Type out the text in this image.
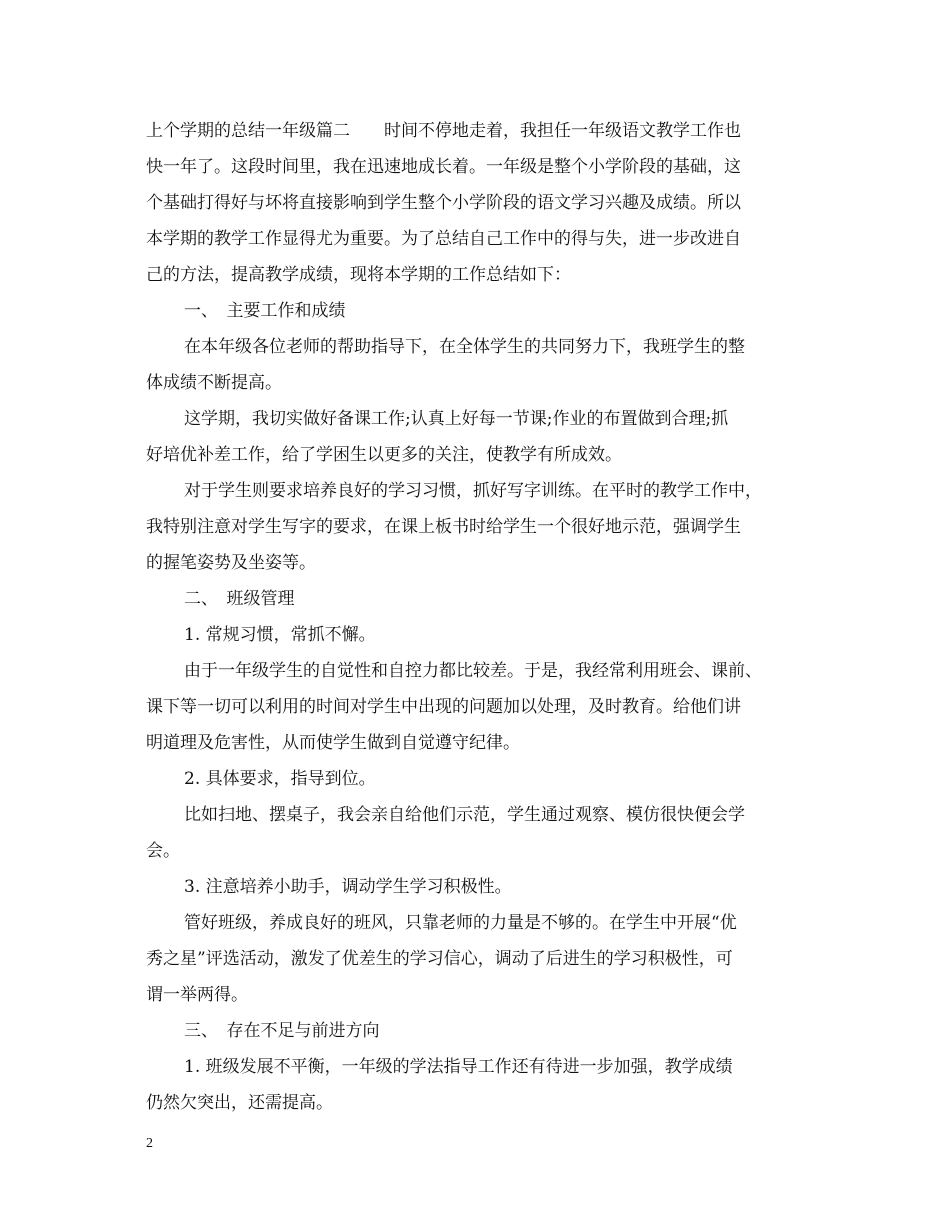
上个学期的总结一年级篇二　　时间不停地走着，我担任一年级语文教学工作也
快一年了。这段时间里，我在迅速地成长着。一年级是整个小学阶段的基础，这
个基础打得好与坏将直接影响到学生整个小学阶段的语文学习兴趣及成绩。所以
本学期的教学工作显得尤为重要。为了总结自己工作中的得与失，进一步改进自
己的方法，提高教学成绩，现将本学期的工作总结如下：
一、　主要工作和成绩
在本年级各位老师的帮助指导下，在全体学生的共同努力下，我班学生的整
体成绩不断提高。
这学期，我切实做好备课工作;认真上好每一节课;作业的布置做到合理;抓
好培优补差工作，给了学困生以更多的关注，使教学有所成效。
对于学生则要求培养良好的学习习惯，抓好写字训练。在平时的教学工作中，
我特别注意对学生写字的要求，在课上板书时给学生一个很好地示范，强调学生
的握笔姿势及坐姿等。
二、　班级管理
1. 常规习惯，常抓不懈。
由于一年级学生的自觉性和自控力都比较差。于是，我经常利用班会、课前、
课下等一切可以利用的时间对学生中出现的问题加以处理，及时教育。给他们讲
明道理及危害性，从而使学生做到自觉遵守纪律。
2. 具体要求，指导到位。
比如扫地、摆桌子，我会亲自给他们示范，学生通过观察、模仿很快便会学
会。
3. 注意培养小助手，调动学生学习积极性。
管好班级，养成良好的班风，只靠老师的力量是不够的。在学生中开展“优
秀之星”评选活动，激发了优差生的学习信心，调动了后进生的学习积极性，可
谓一举两得。
三、　存在不足与前进方向
1. 班级发展不平衡，一年级的学法指导工作还有待进一步加强，教学成绩
仍然欠突出，还需提高。
2
